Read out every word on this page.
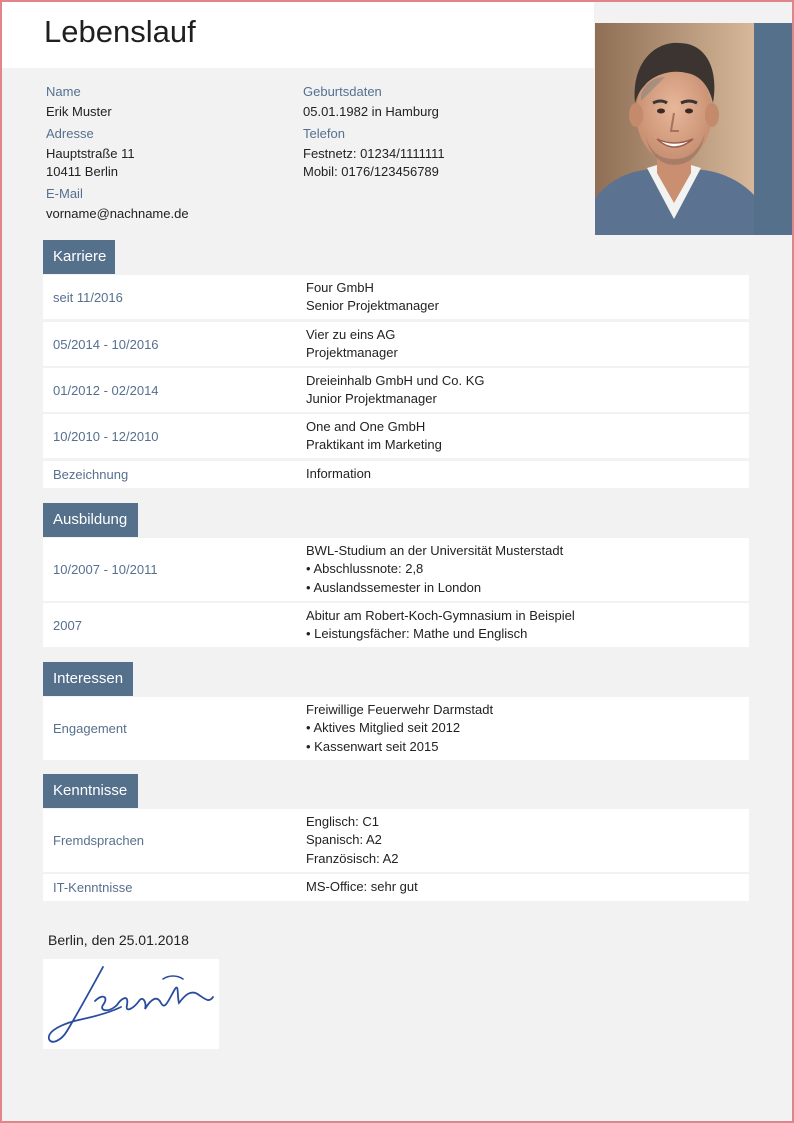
Lebenslauf
Name
Erik Muster
Adresse
Hauptstraße 11
10411 Berlin
E-Mail
vorname@nachname.de
Geburtsdaten
05.01.1982 in Hamburg
Telefon
Festnetz: 01234/1111111
Mobil: 0176/123456789
Karriere
seit 11/2016
Four GmbH
Senior Projektmanager
05/2014 - 10/2016
Vier zu eins AG
Projektmanager
01/2012 - 02/2014
Dreieinhalb GmbH und Co. KG
Junior Projektmanager
10/2010 - 12/2010
One and One GmbH
Praktikant im Marketing
Bezeichnung	Information
Ausbildung
10/2007 - 10/2011
BWL-Studium an der Universität Musterstadt
• Abschlussnote: 2,8
• Auslandssemester in London
2007
Abitur am Robert-Koch-Gymnasium in Beispiel
• Leistungsfächer: Mathe und Englisch
Interessen
Engagement
Freiwillige Feuerwehr Darmstadt
• Aktives Mitglied seit 2012
• Kassenwart seit 2015
Kenntnisse
Fremdsprachen
Englisch: C1
Spanisch: A2
Französisch: A2
IT-Kenntnisse	MS-Office: sehr gut
Berlin, den 25.01.2018
